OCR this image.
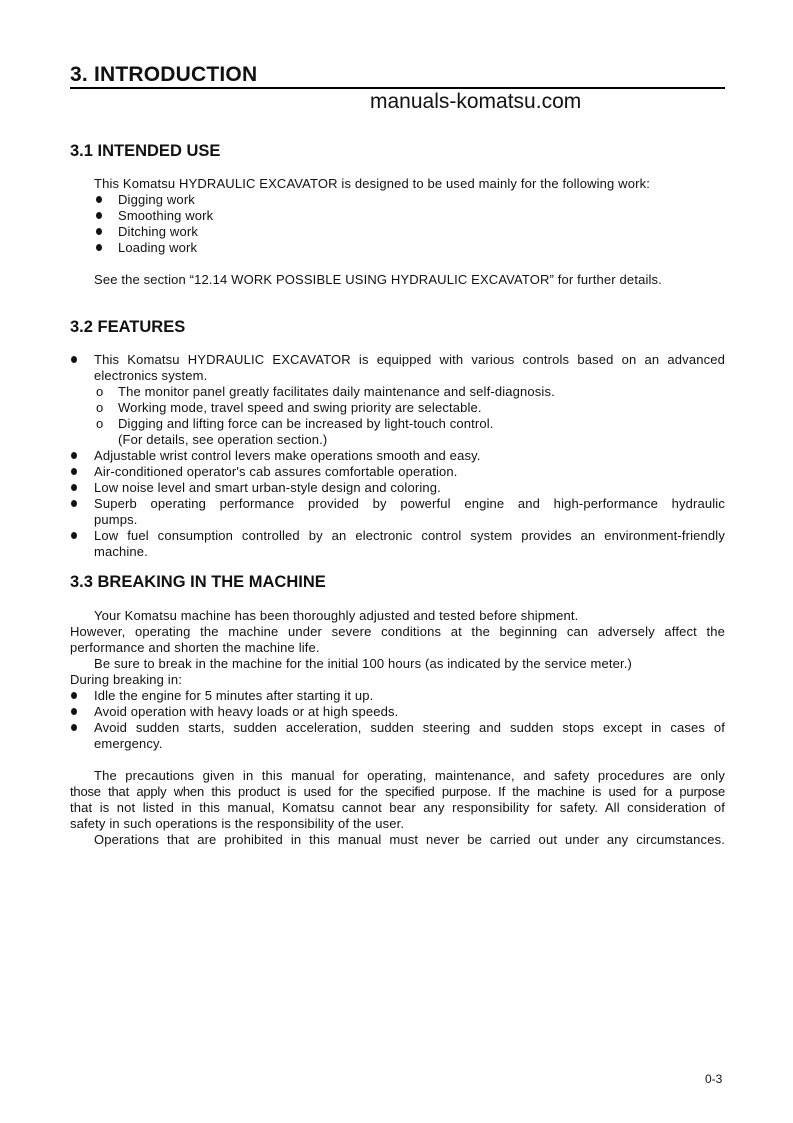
3. INTRODUCTION
manuals-komatsu.com
3.1 INTENDED USE
This Komatsu HYDRAULIC EXCAVATOR is designed to be used mainly for the following work:
Digging work
Smoothing work
Ditching work
Loading work
See the section “12.14 WORK POSSIBLE USING HYDRAULIC EXCAVATOR” for further details.
3.2 FEATURES
This Komatsu HYDRAULIC EXCAVATOR is equipped with various controls based on an advanced
electronics system.
o The monitor panel greatly facilitates daily maintenance and self-diagnosis.
o Working mode, travel speed and swing priority are selectable.
o Digging and lifting force can be increased by light-touch control.
(For details, see operation section.)
Adjustable wrist control levers make operations smooth and easy.
Air-conditioned operator's cab assures comfortable operation.
Low noise level and smart urban-style design and coloring.
Superb operating performance provided by powerful engine and high-performance hydraulic
pumps.
Low fuel consumption controlled by an electronic control system provides an environment-friendly
machine.
3.3 BREAKING IN THE MACHINE
Your Komatsu machine has been thoroughly adjusted and tested before shipment.
However, operating the machine under severe conditions at the beginning can adversely affect the
performance and shorten the machine life.
Be sure to break in the machine for the initial 100 hours (as indicated by the service meter.)
During breaking in:
Idle the engine for 5 minutes after starting it up.
Avoid operation with heavy loads or at high speeds.
Avoid sudden starts, sudden acceleration, sudden steering and sudden stops except in cases of
emergency.
The precautions given in this manual for operating, maintenance, and safety procedures are only
those that apply when this product is used for the specified purpose. If the machine is used for a purpose
that is not listed in this manual, Komatsu cannot bear any responsibility for safety. All consideration of
safety in such operations is the responsibility of the user.
Operations that are prohibited in this manual must never be carried out under any circumstances.
0-3
